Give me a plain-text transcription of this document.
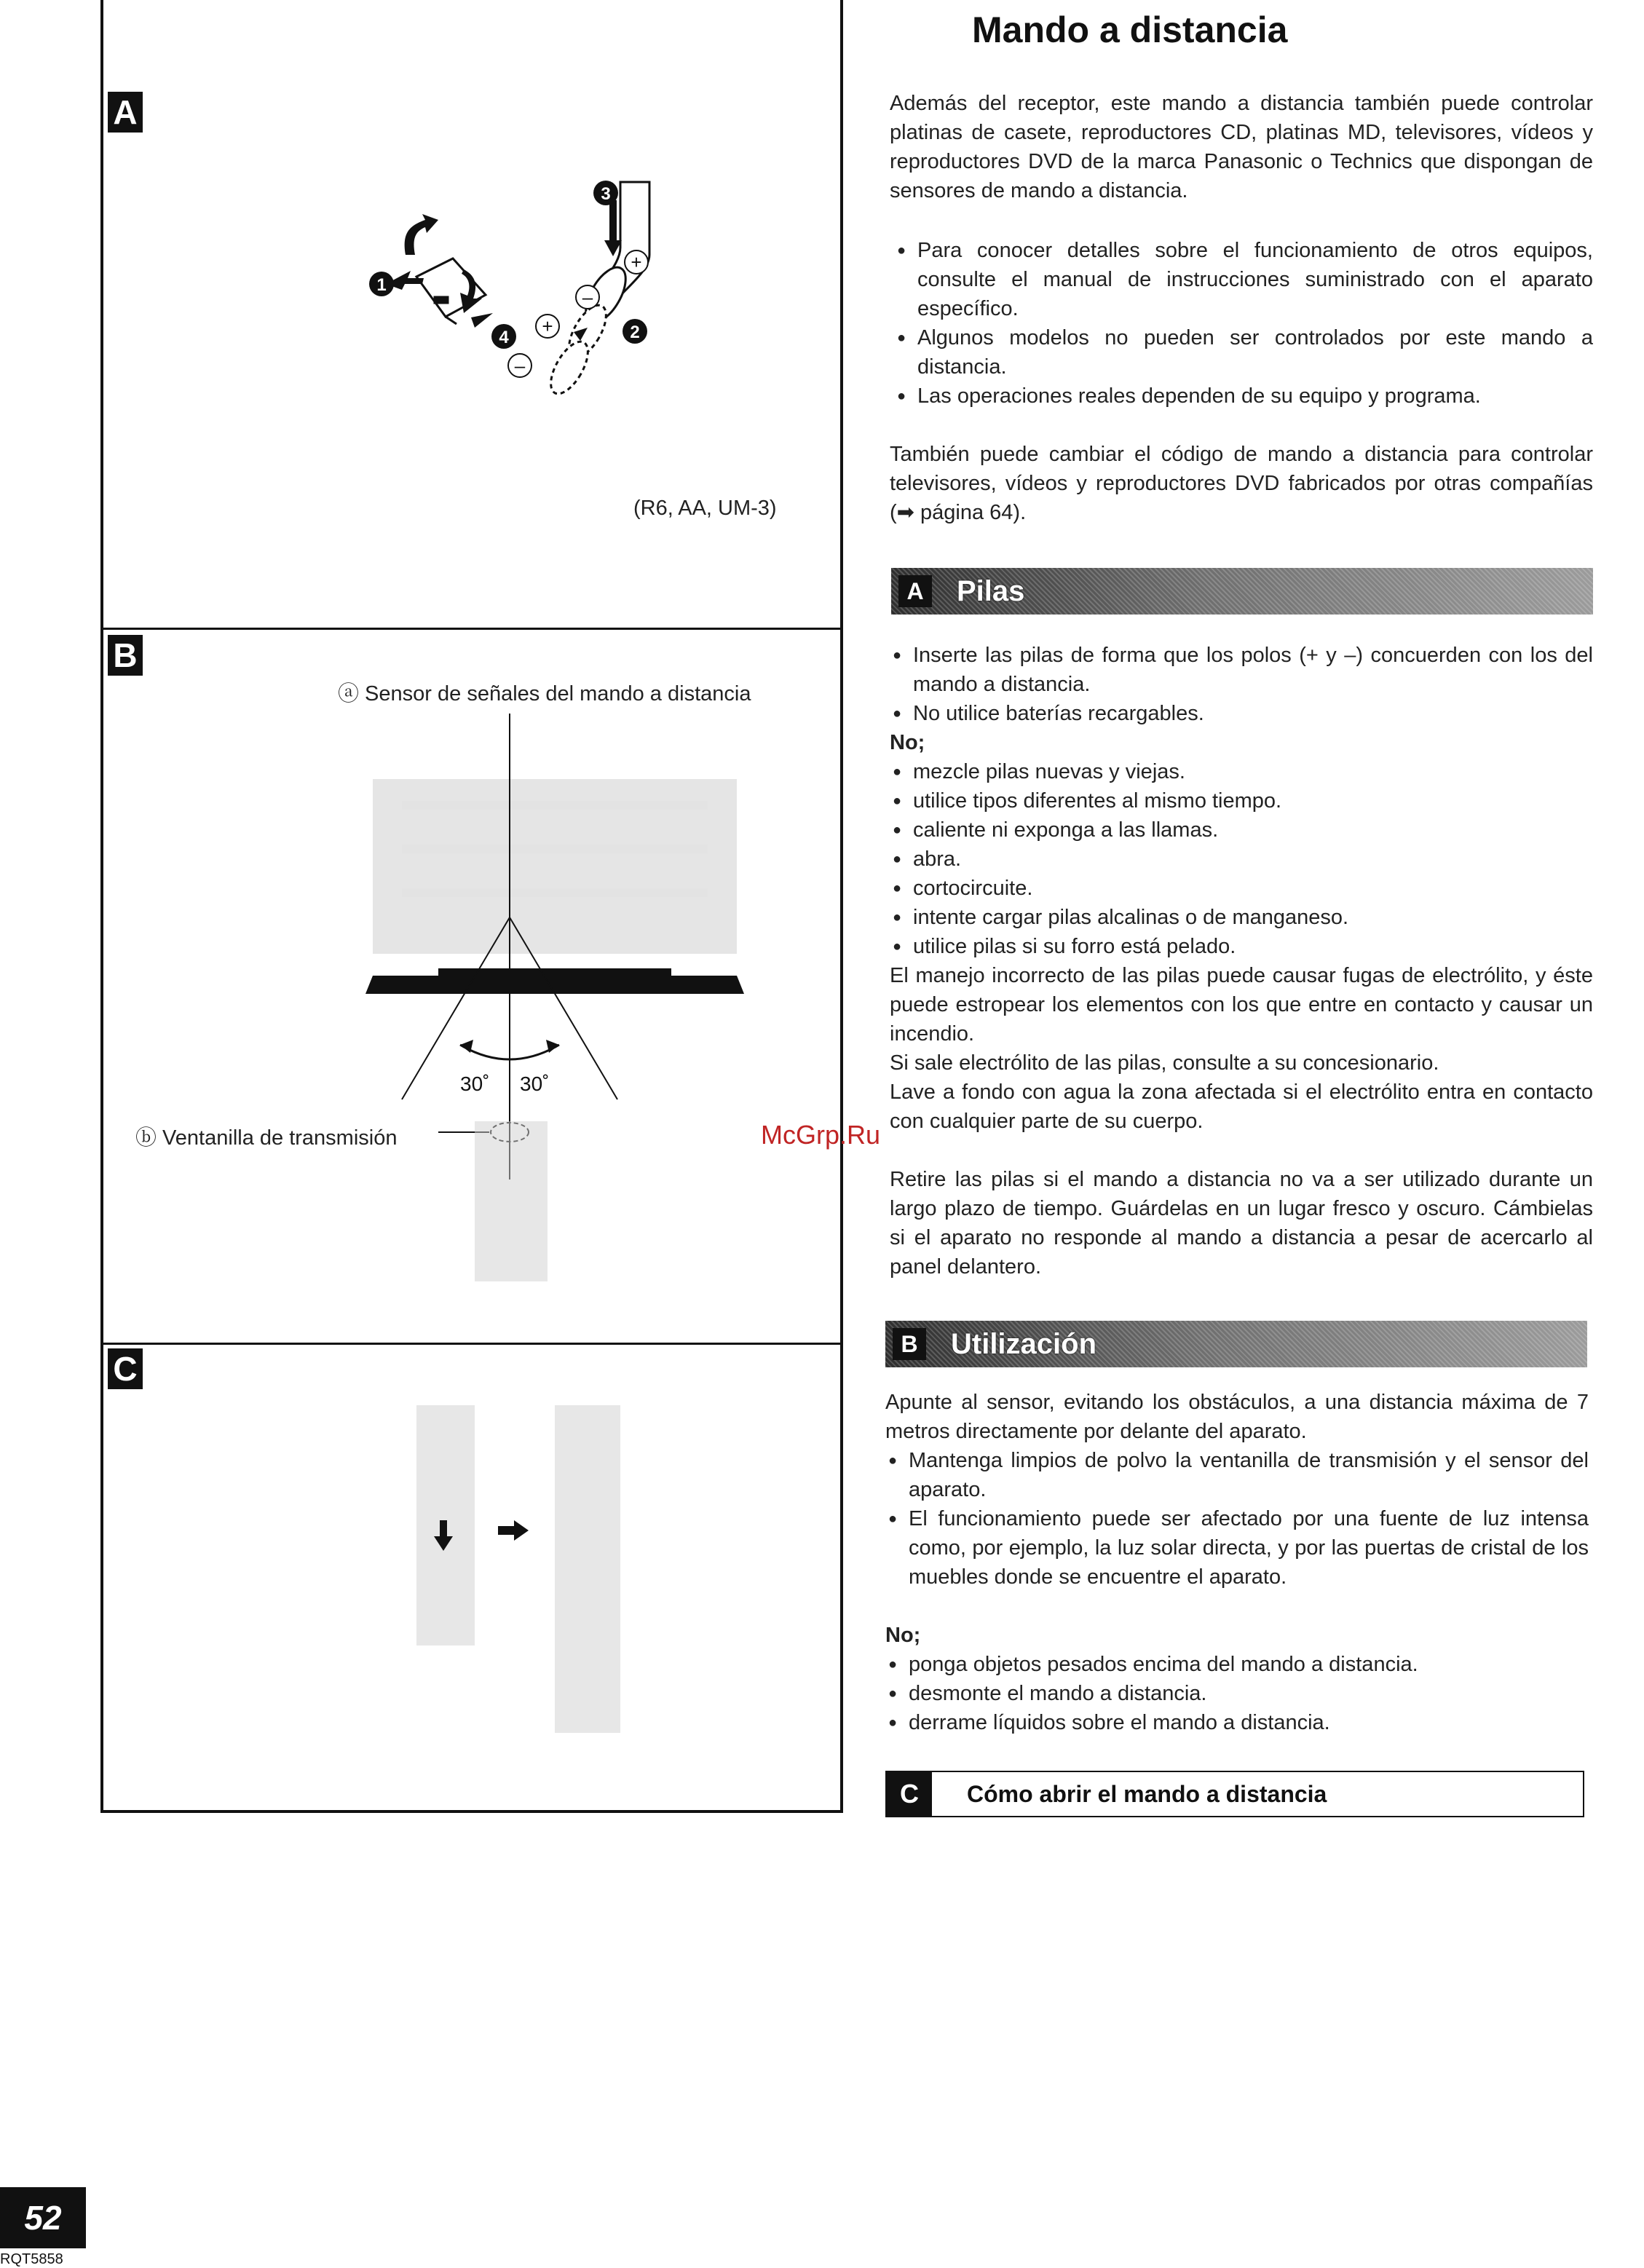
A
B
C
1
4
3
2
+
+
–
–
(R6, AA, UM-3)
ⓐ Sensor de señales del mando a distancia
30˚ 30˚
ⓑ Ventanilla de transmisión
Mando a distancia

Además del receptor, este mando a distancia también puede controlar platinas de casete, reproductores CD, platinas MD, televisores, vídeos y reproductores DVD de la marca Panasonic o Technics que dispongan de sensores de mando a distancia.

● Para conocer detalles sobre el funcionamiento de otros equipos, consulte el manual de instrucciones suministrado con el aparato específico.
● Algunos modelos no pueden ser controlados por este mando a distancia.
● Las operaciones reales dependen de su equipo y programa.

También puede cambiar el código de mando a distancia para controlar televisores, vídeos y reproductores DVD fabricados por otras compañías (➡ página 64).

A Pilas
● Inserte las pilas de forma que los polos (+ y –) concuerden con los del mando a distancia.
● No utilice baterías recargables.

No;

● mezcle pilas nuevas y viejas.
● utilice tipos diferentes al mismo tiempo.
● caliente ni exponga a las llamas.
● abra.
● cortocircuite.
● intente cargar pilas alcalinas o de manganeso.
● utilice pilas si su forro está pelado.

El manejo incorrecto de las pilas puede causar fugas de electrólito, y éste puede estropear los elementos con los que entre en contacto y causar un incendio.

Si sale electrólito de las pilas, consulte a su concesionario.

Lave a fondo con agua la zona afectada si el electrólito entra en contacto con cualquier parte de su cuerpo.

Retire las pilas si el mando a distancia no va a ser utilizado durante un largo plazo de tiempo. Guárdelas en un lugar fresco y oscuro. Cámbielas si el aparato no responde al mando a distancia a pesar de acercarlo al panel delantero.

B Utilización

Apunte al sensor, evitando los obstáculos, a una distancia máxima de 7 metros directamente por delante del aparato.

● Mantenga limpios de polvo la ventanilla de transmisión y el sensor del aparato.
● El funcionamiento puede ser afectado por una fuente de luz intensa como, por ejemplo, la luz solar directa, y por las puertas de cristal de los muebles donde se encuentre el aparato.

No;

● ponga objetos pesados encima del mando a distancia.
● desmonte el mando a distancia.
● derrame líquidos sobre el mando a distancia.
C	Cómo abrir el mando a distancia
McGrp.Ru
52
RQT5858
